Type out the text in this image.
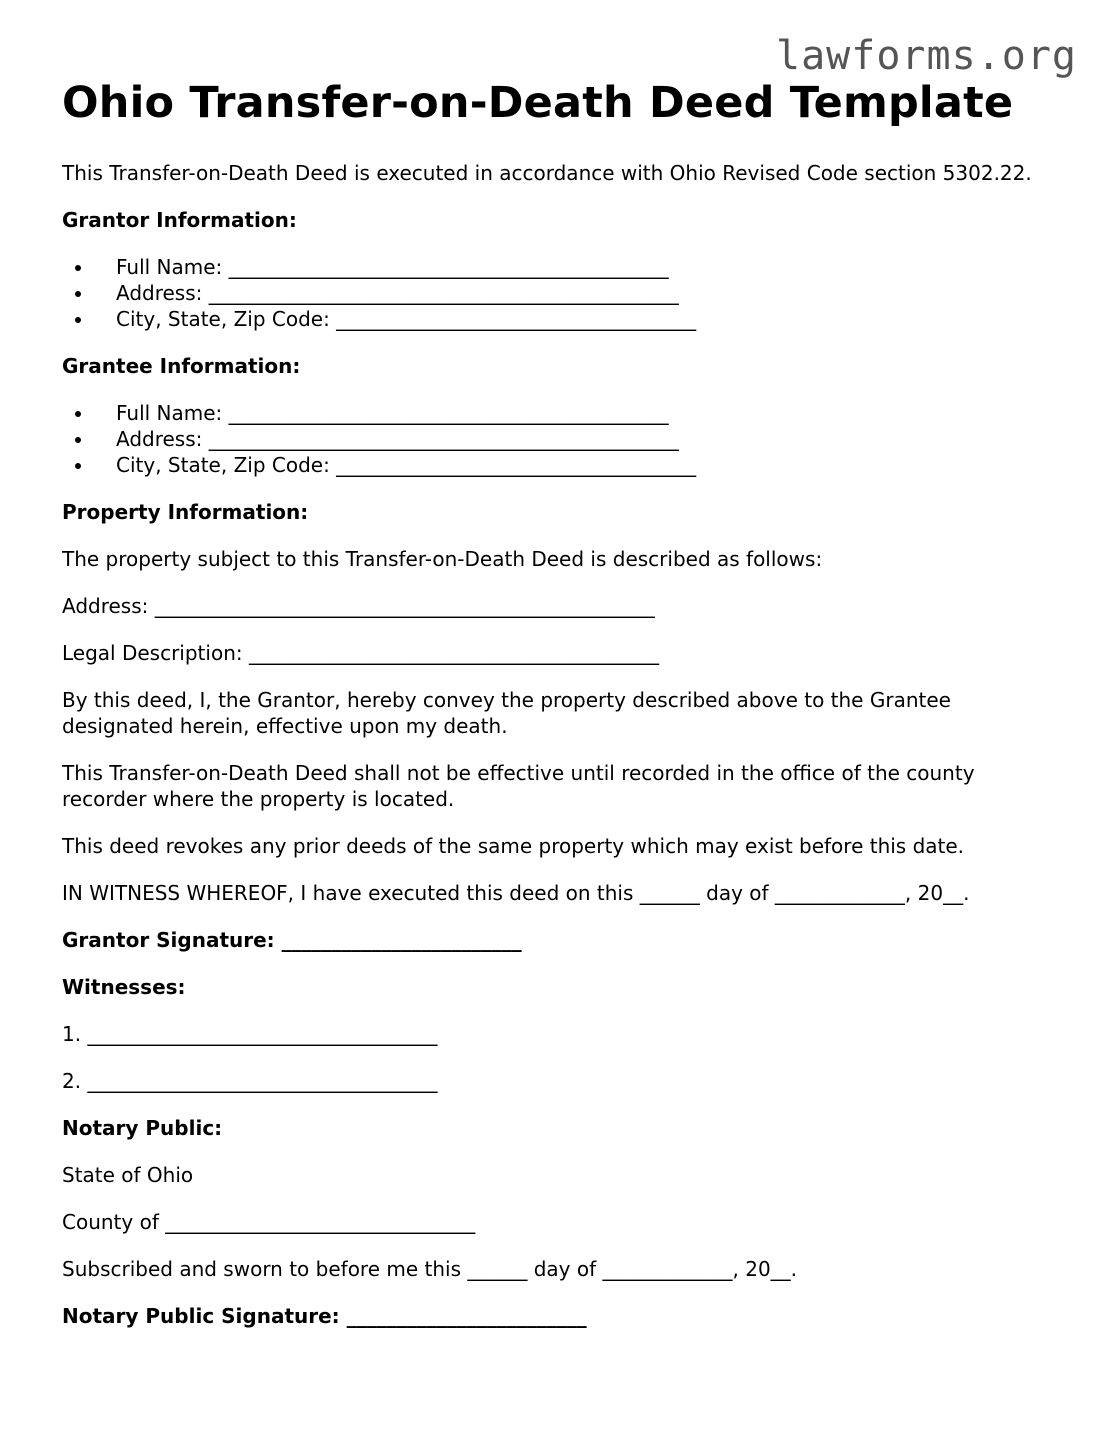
lawforms.org
Ohio Transfer-on-Death Deed Template

This Transfer-on-Death Deed is executed in accordance with Ohio Revised Code section 5302.22.

Grantor Information:

• Full Name: ____________________________________________
• Address: _______________________________________________
• City, State, Zip Code: ____________________________________

Grantee Information:

• Full Name: ____________________________________________
• Address: _______________________________________________
• City, State, Zip Code: ____________________________________

Property Information:

The property subject to this Transfer-on-Death Deed is described as follows:

Address: __________________________________________________

Legal Description: _________________________________________

By this deed, I, the Grantor, hereby convey the property described above to the Grantee designated herein, effective upon my death.

This Transfer-on-Death Deed shall not be effective until recorded in the office of the county recorder where the property is located.

This deed revokes any prior deeds of the same property which may exist before this date.

IN WITNESS WHEREOF, I have executed this deed on this ______ day of _____________, 20__.

Grantor Signature: ________________________

Witnesses:

1. ___________________________________

2. ___________________________________

Notary Public:

State of Ohio

County of _______________________________

Subscribed and sworn to before me this ______ day of _____________, 20__.

Notary Public Signature: ________________________
